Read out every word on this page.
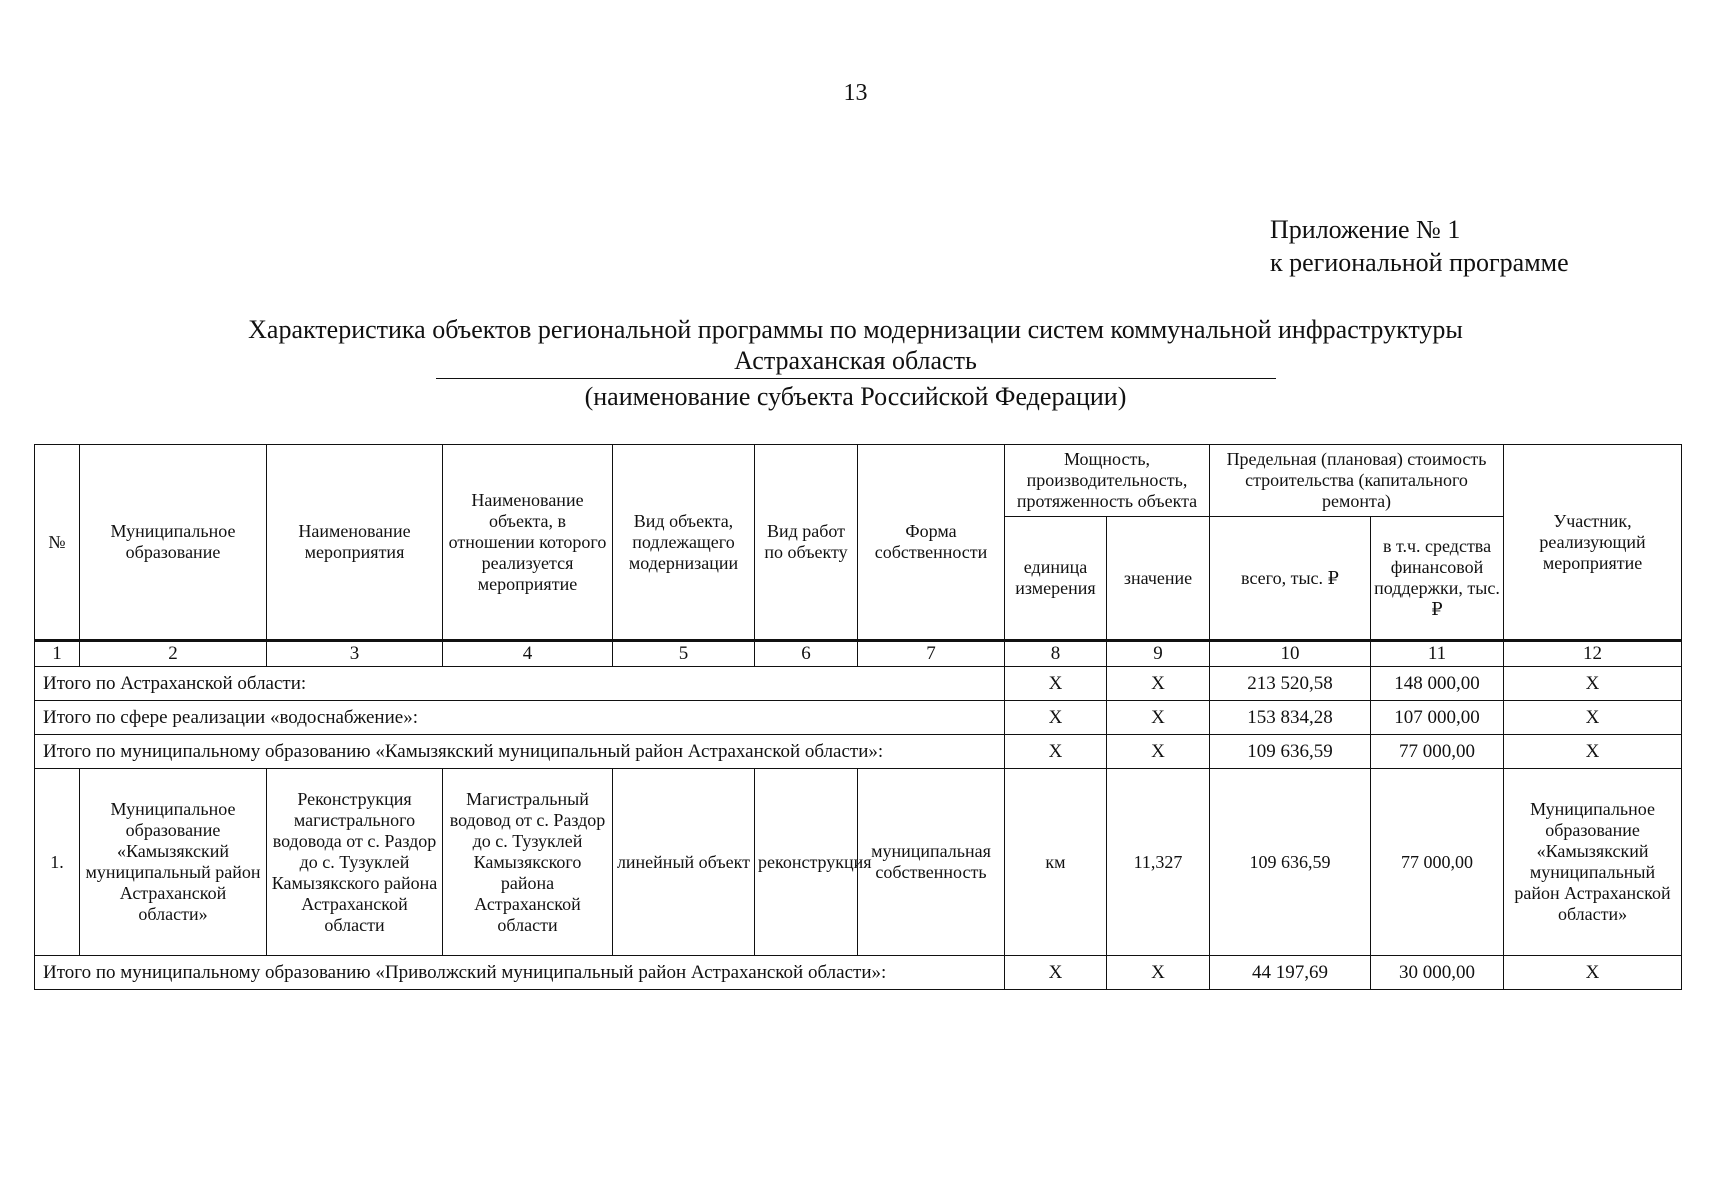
13
Приложение № 1
к региональной программе
Характеристика объектов региональной программы по модернизации систем коммунальной инфраструктуры
Астраханская область
(наименование субъекта Российской Федерации)
№	Муниципальное образование	Наименование мероприятия	Наименование объекта, в отношении которого реализуется мероприятие	Вид объекта, подлежащего модернизации	Вид работ по объекту	Форма собственности	Мощность, производительность, протяженность объекта		Предельная (плановая) стоимость строительства (капитального ремонта)		Участник, реализующий мероприятие
							единица измерения	значение	всего, тыс. ₽	в т.ч. средства финансовой поддержки, тыс. ₽	
1	2	3	4	5	6	7	8	9	10	11	12
Итого по Астраханской области:							Х	Х	213 520,58	148 000,00	Х
Итого по сфере реализации «водоснабжение»:							Х	Х	153 834,28	107 000,00	Х
Итого по муниципальному образованию «Камызякский муниципальный район Астраханской области»:							Х	Х	109 636,59	77 000,00	Х
1.	Муниципальное образование «Камызякский муниципальный район Астраханской области»	Реконструкция магистрального водовода от с. Раздор до с. Тузуклей Камызякского района Астраханской области	Магистральный водовод от с. Раздор до с. Тузуклей Камызякского района Астраханской области	линейный объект	реконструкция	муниципальная собственность	км	11,327	109 636,59	77 000,00	Муниципальное образование «Камызякский муниципальный район Астраханской области»
Итого по муниципальному образованию «Приволжский муниципальный район Астраханской области»:							Х	Х	44 197,69	30 000,00	Х
